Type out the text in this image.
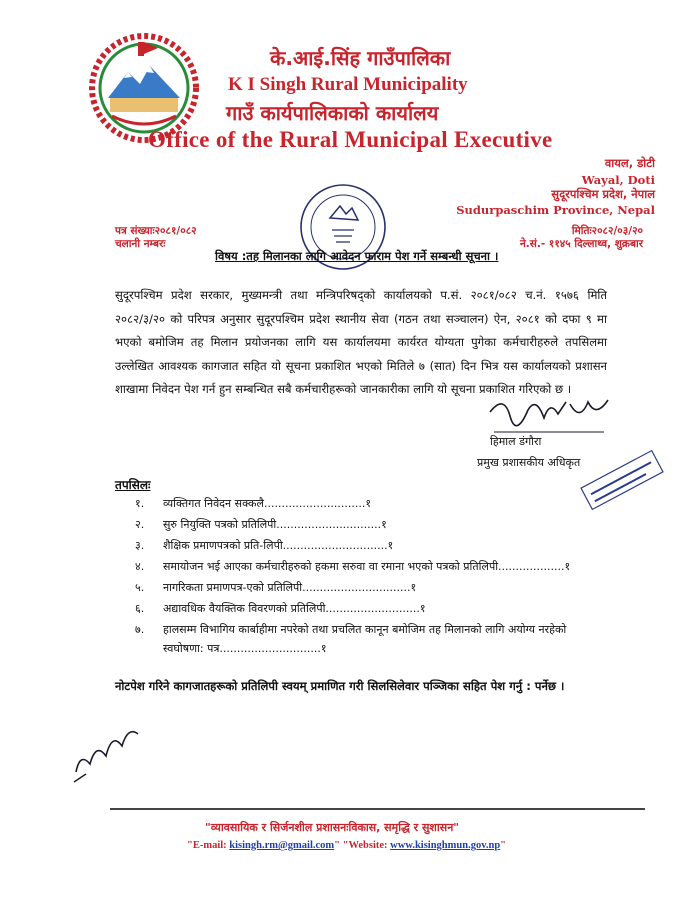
के.आई.सिंह गाउँपालिका
K I Singh Rural Municipality
गाउँ कार्यपालिकाको कार्यालय
Office of the Rural Municipal Executive
वायल, डोटी
Wayal, Doti
सुदूरपश्चिम प्रदेश, नेपाल
Sudurpaschim Province, Nepal
पत्र संख्याः२०८१/०८२
चलानी नम्बरः
मितिः२०८२/०३/२०
ने.सं.- ११४५ दिल्लाथ्व, शुक्रबार
विषय :तह मिलानका लागि आवेदन फाराम पेश गर्ने सम्बन्धी सूचना ।
सुदूरपश्चिम प्रदेश सरकार, मुख्यमन्त्री तथा मन्त्रिपरिषद्को कार्यालयको प.सं. २०८१/०८२ च.नं. १५७६ मिति २०८२/३/२० को परिपत्र अनुसार सुदूरपश्चिम प्रदेश स्थानीय सेवा (गठन तथा सञ्चालन) ऐन, २०८१ को दफा ९ मा भएको बमोजिम तह मिलान प्रयोजनका लागि यस कार्यालयमा कार्यरत योग्यता पुगेका कर्मचारीहरुले तपसिलमा उल्लेखित आवश्यक कागजात सहित यो सूचना प्रकाशित भएको मितिले ७ (सात) दिन भित्र यस कार्यालयको प्रशासन शाखामा निवेदन पेश गर्न हुन सम्बन्धित सबै कर्मचारीहरूको जानकारीका लागि यो सूचना प्रकाशित गरिएको छ ।
हिमाल डंगौरा
प्रमुख प्रशासकीय अधिकृत
तपसिलः
१. व्यक्तिगत निवेदन सक्कलै.............................१
२. सुरु नियुक्ति पत्रको प्रतिलिपी..............................१
३. शैक्षिक प्रमाणपत्रको प्रति-लिपी..............................१
४. समायोजन भई आएका कर्मचारीहरुको हकमा सरुवा वा रमाना भएको पत्रको प्रतिलिपी...................१
५. नागरिकता प्रमाणपत्र-एको प्रतिलिपी...............................१
६. अद्यावधिक वैयक्तिक विवरणको प्रतिलिपी...........................१
७. हालसम्म विभागिय कार्बाहीमा नपरेको तथा प्रचलित कानून बमोजिम तह मिलानको लागि अयोग्य नरहेको
स्वघोषणा: पत्र.............................१
नोटपेश गरिने कागजातहरूको प्रतिलिपी स्वयम् प्रमाणित गरी सिलसिलेवार पञ्जिका सहित पेश गर्नु : पर्नेछ ।
"व्यावसायिक र सिर्जनशील प्रशासनःविकास, समृद्धि र सुशासन"
"E-mail: kisingh.rm@gmail.com" "Website: www.kisinghmun.gov.np"
